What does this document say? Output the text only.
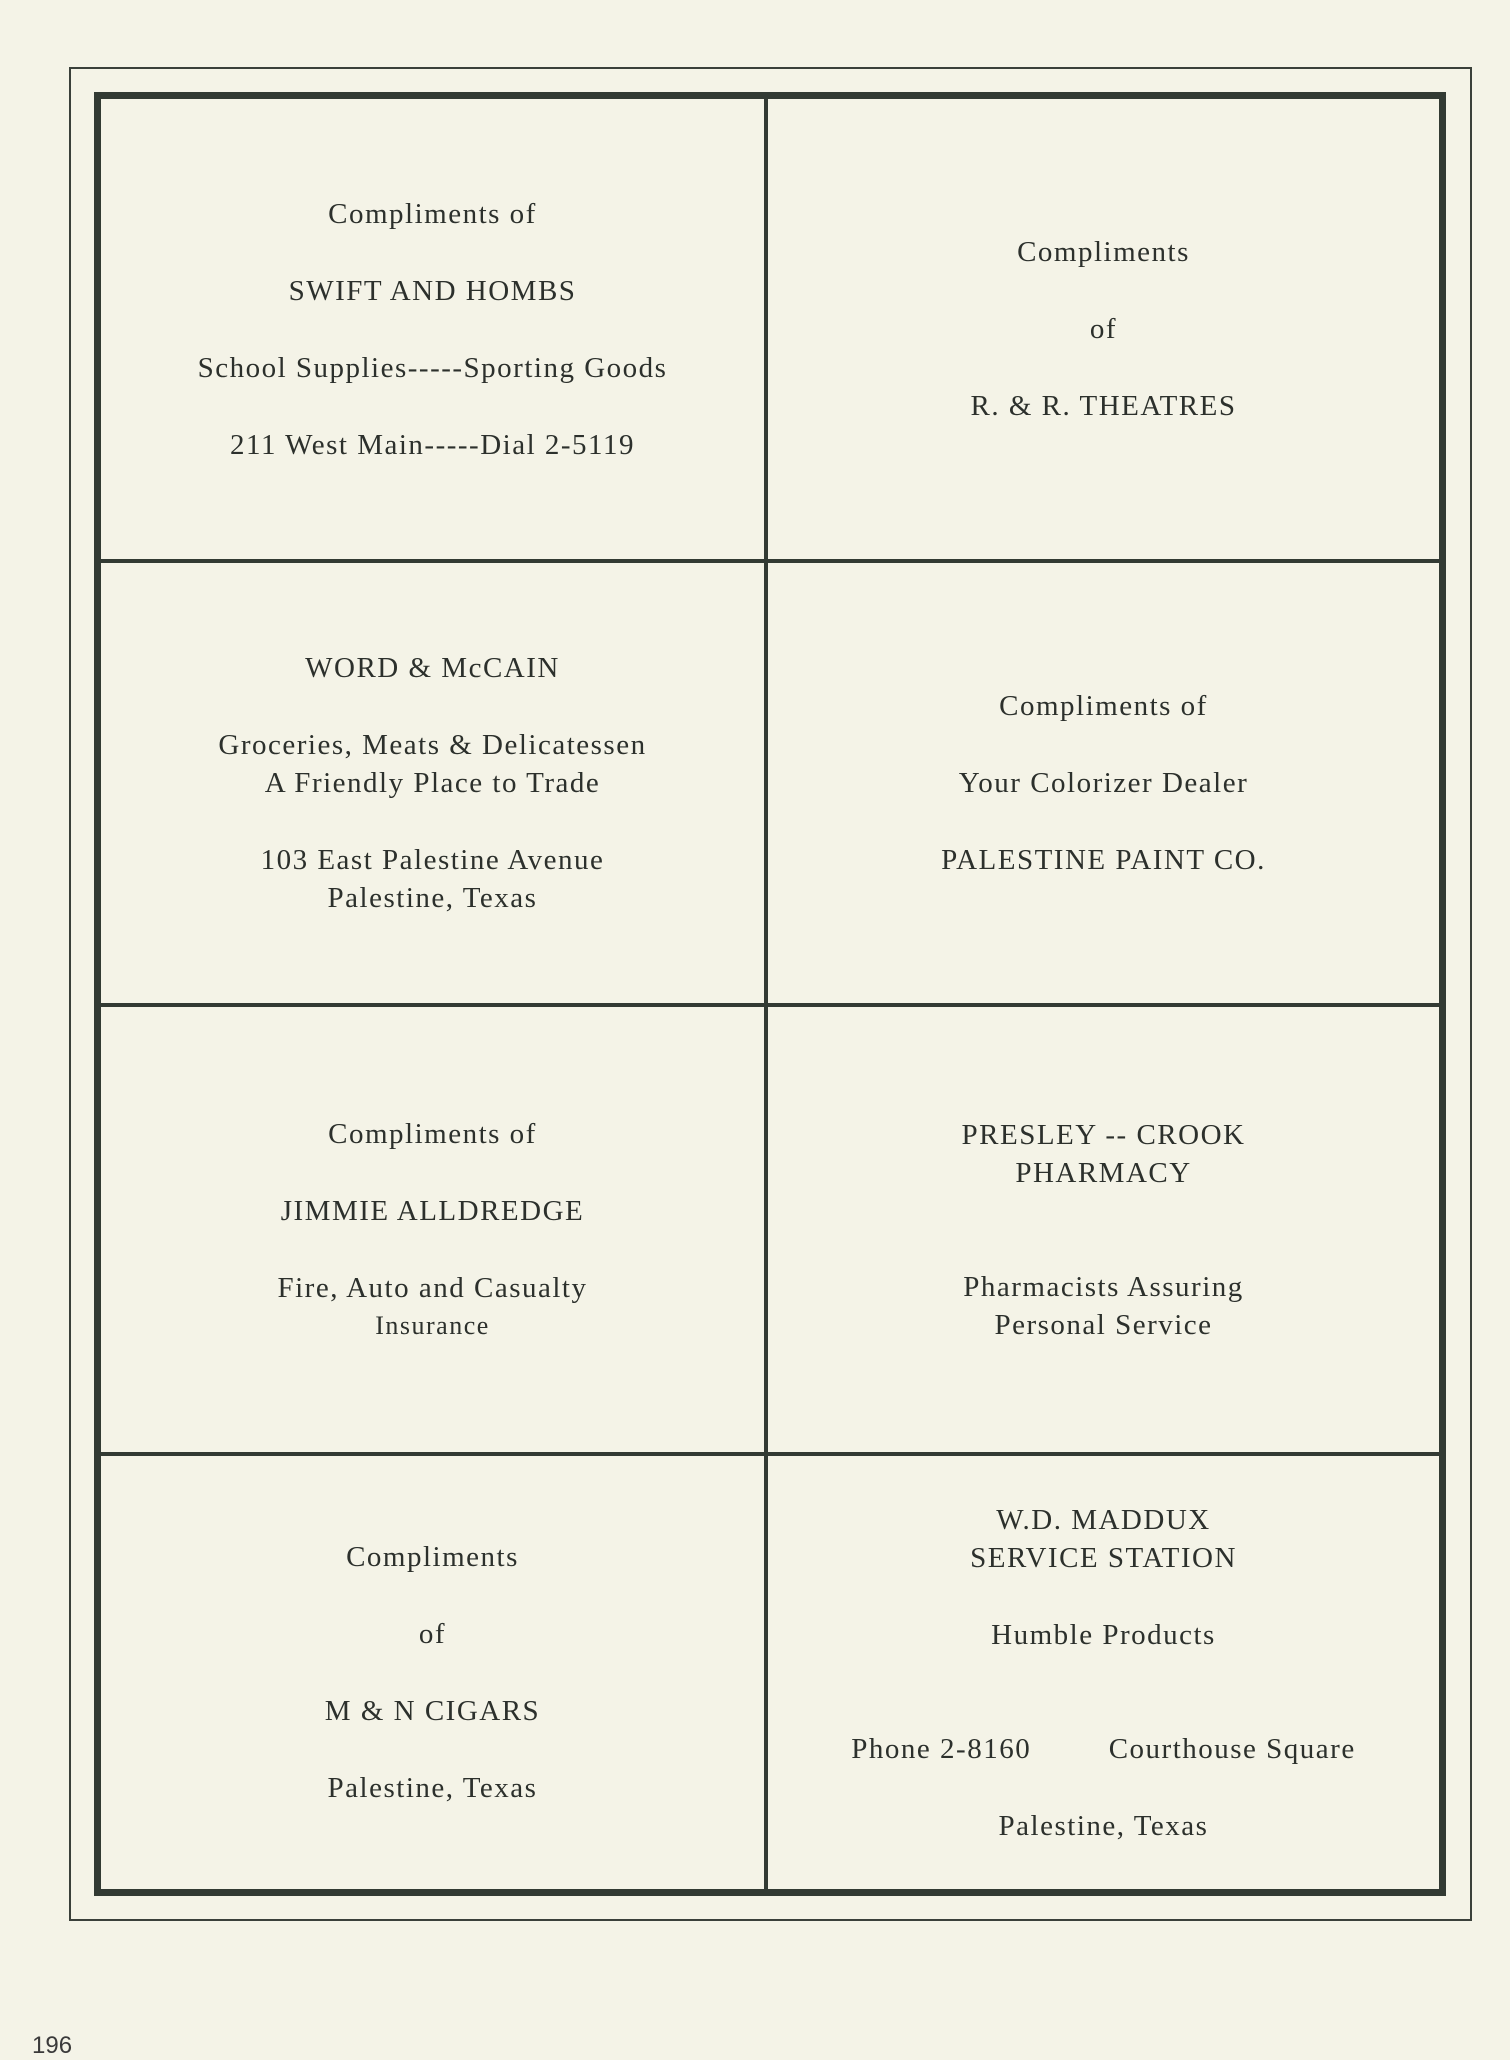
Compliments of
SWIFT AND HOMBS
School Supplies-----Sporting Goods
211 West Main-----Dial 2-5119
Compliments
of
R. & R. THEATRES
WORD & McCAIN
Groceries, Meats & Delicatessen
A Friendly Place to Trade
103 East Palestine Avenue
Palestine, Texas
Compliments of
Your Colorizer Dealer
PALESTINE PAINT CO.
Compliments of
JIMMIE ALLDREDGE
Fire, Auto and Casualty
Insurance
PRESLEY -- CROOK
PHARMACY
Pharmacists Assuring
Personal Service
Compliments
of
M & N CIGARS
Palestine, Texas
W.D. MADDUX
SERVICE STATION
Humble Products
Phone 2-8160	Courthouse Square
Palestine, Texas
196
